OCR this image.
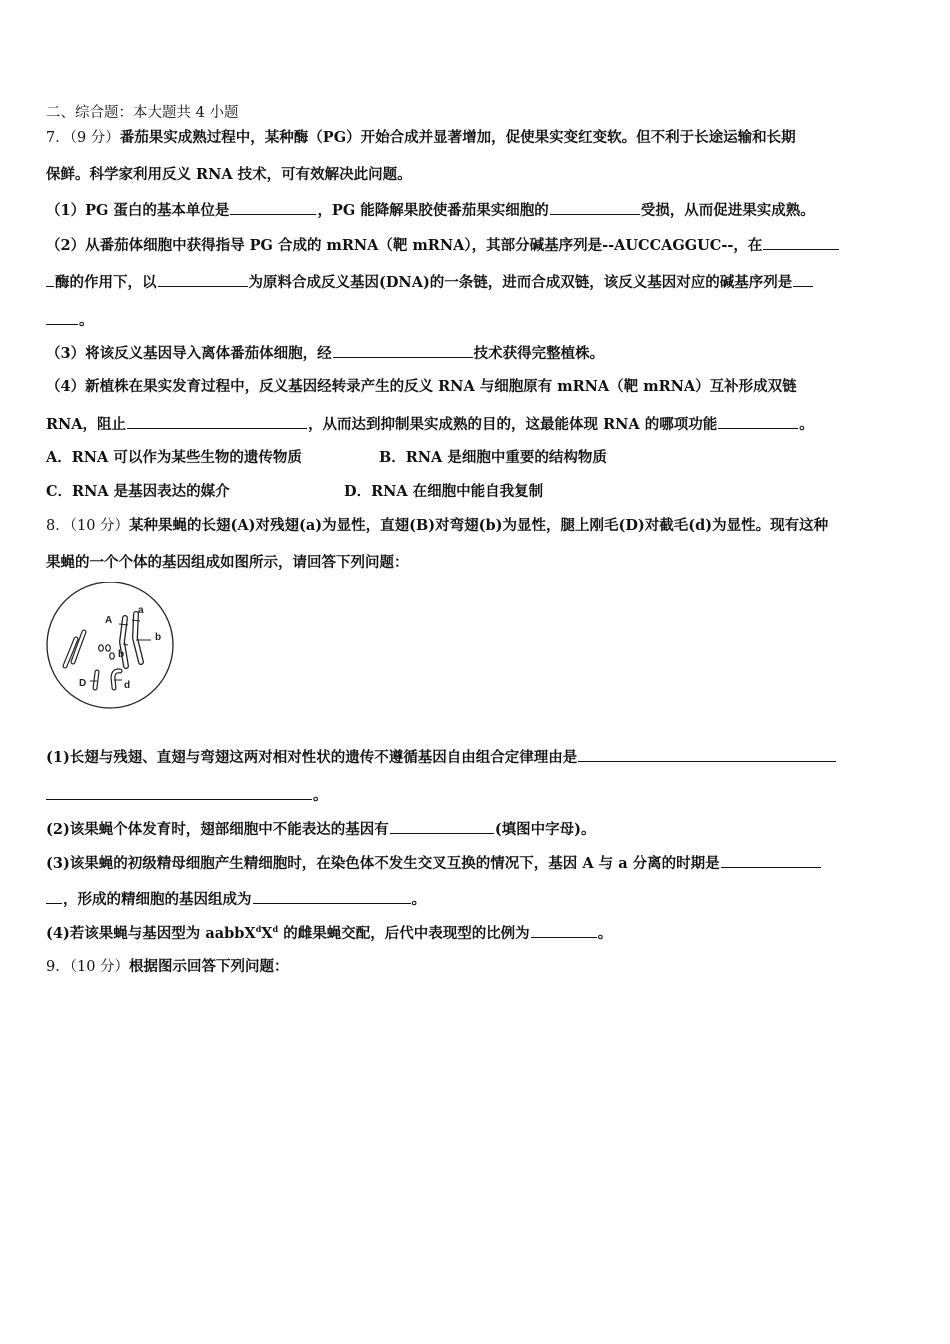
二、综合题：本大题共 4 小题
7．（9 分）番茄果实成熟过程中，某种酶（PG）开始合成并显著增加，促使果实变红变软。但不利于长途运输和长期
保鲜。科学家利用反义 RNA 技术，可有效解决此问题。
（1）PG 蛋白的基本单位是	，PG 能降解果胶使番茄果实细胞的	受损，从而促进果实成熟。
（2）从番茄体细胞中获得指导 PG 合成的 mRNA（靶 mRNA），其部分碱基序列是--AUCCAGGUC--，在
酶的作用下，以	为原料合成反义基因(DNA)的一条链，进而合成双链，该反义基因对应的碱基序列是
。
（3）将该反义基因导入离体番茄体细胞，经	技术获得完整植株。
（4）新植株在果实发育过程中，反义基因经转录产生的反义 RNA 与细胞原有 mRNA（靶 mRNA）互补形成双链
RNA，阻止	，从而达到抑制果实成熟的目的，这最能体现 RNA 的哪项功能	。
A．RNA 可以作为某些生物的遗传物质	B．RNA 是细胞中重要的结构物质
C．RNA 是基因表达的媒介	D．RNA 在细胞中能自我复制
8．（10 分）某种果蝇的长翅(A)对残翅(a)为显性，直翅(B)对弯翅(b)为显性，腿上刚毛(D)对截毛(d)为显性。现有这种
果蝇的一个个体的基因组成如图所示，请回答下列问题：
A
a
b
b
D	d
(1)长翅与残翅、直翅与弯翅这两对相对性状的遗传不遵循基因自由组合定律理由是
。
(2)该果蝇个体发育时，翅部细胞中不能表达的基因有	(填图中字母)。
(3)该果蝇的初级精母细胞产生精细胞时，在染色体不发生交叉互换的情况下，基因 A 与 a 分离的时期是
，形成的精细胞的基因组成为	。
(4)若该果蝇与基因型为 $aabbX^dX^d$ 的雌果蝇交配，后代中表现型的比例为	。
9．（10 分）根据图示回答下列问题：
